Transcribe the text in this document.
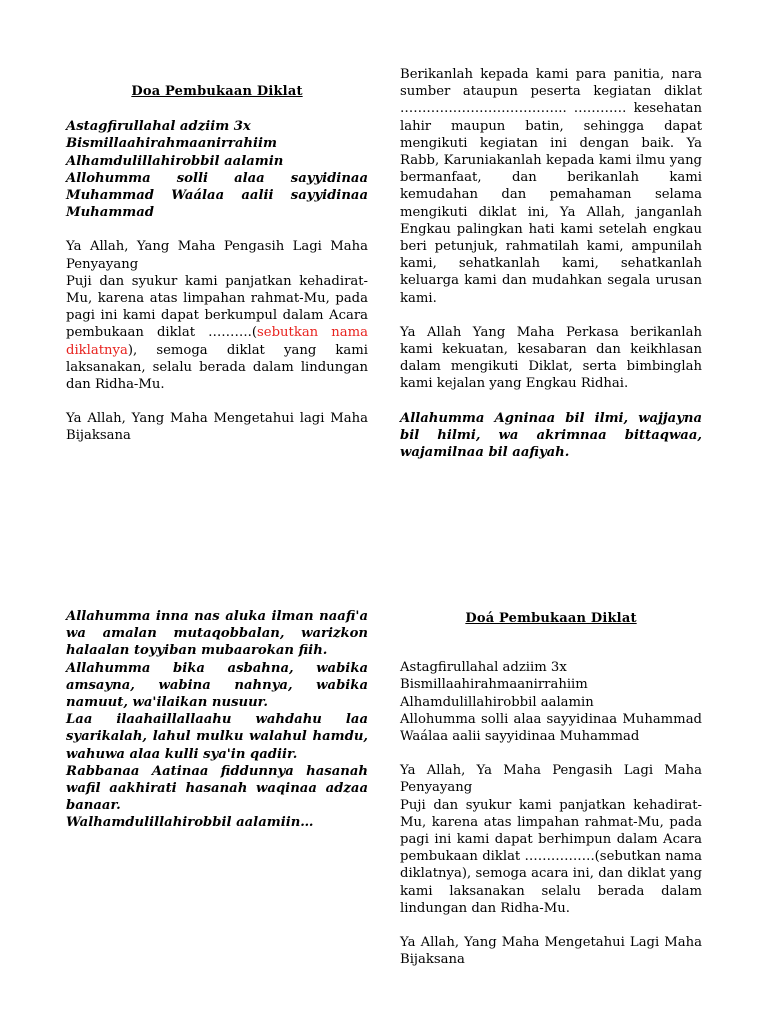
Doa Pembukaan Diklat

Astagfirullahal adziim 3x

Bismillaahirahmaanirrahiim

Alhamdulillahirobbil aalamin

Allohumma solli alaa sayyidinaa Muhammad Waálaa aalii sayyidinaa Muhammad

Ya Allah, Yang Maha Pengasih Lagi Maha Penyayang

Puji dan syukur kami panjatkan kehadirat-Mu, karena atas limpahan rahmat-Mu, pada pagi ini kami dapat berkumpul dalam Acara pembukaan diklat ……….(sebutkan nama diklatnya), semoga diklat yang kami laksanakan, selalu berada dalam lindungan dan Ridha-Mu.

Ya Allah, Yang Maha Mengetahui lagi Maha Bijaksana

Berikanlah kepada kami para panitia, nara sumber ataupun peserta kegiatan diklat ……………………………….. ………… kesehatan lahir maupun batin, sehingga dapat mengikuti kegiatan ini dengan baik. Ya Rabb, Karuniakanlah kepada kami ilmu yang bermanfaat, dan berikanlah kami kemudahan dan pemahaman selama mengikuti diklat ini, Ya Allah, janganlah Engkau palingkan hati kami setelah engkau beri petunjuk, rahmatilah kami, ampunilah kami, sehatkanlah kami, sehatkanlah keluarga kami dan mudahkan segala urusan kami.

Ya Allah Yang Maha Perkasa berikanlah kami kekuatan, kesabaran dan keikhlasan dalam mengikuti Diklat, serta bimbinglah kami kejalan yang Engkau Ridhai.

Allahumma Agninaa bil ilmi, wajjayna bil hilmi, wa akrimnaa bittaqwaa, wajamilnaa bil aafiyah.

Allahumma inna nas aluka ilman naafi'a wa amalan mutaqobbalan, warizkon halaalan toyyiban mubaarokan fiih.

Allahumma bika asbahna, wabika amsayna, wabina nahnya, wabika namuut, wa'ilaikan nusuur.

Laa ilaahaillallaahu wahdahu laa syarikalah, lahul mulku walahul hamdu, wahuwa alaa kulli sya'in qadiir.

Rabbanaa Aatinaa fiddunnya hasanah wafil aakhirati hasanah waqinaa adzaa banaar.

Walhamdulillahirobbil aalamiin…

Doá Pembukaan Diklat

Astagfirullahal adziim 3x

Bismillaahirahmaanirrahiim

Alhamdulillahirobbil aalamin

Allohumma solli alaa sayyidinaa Muhammad Waálaa aalii sayyidinaa Muhammad

Ya Allah, Ya Maha Pengasih Lagi Maha Penyayang

Puji dan syukur kami panjatkan kehadirat-Mu, karena atas limpahan rahmat-Mu, pada pagi ini kami dapat berhimpun dalam Acara pembukaan diklat …………….(sebutkan nama diklatnya), semoga acara ini, dan diklat yang kami laksanakan selalu berada dalam lindungan dan Ridha-Mu.

Ya Allah, Yang Maha Mengetahui Lagi Maha Bijaksana
